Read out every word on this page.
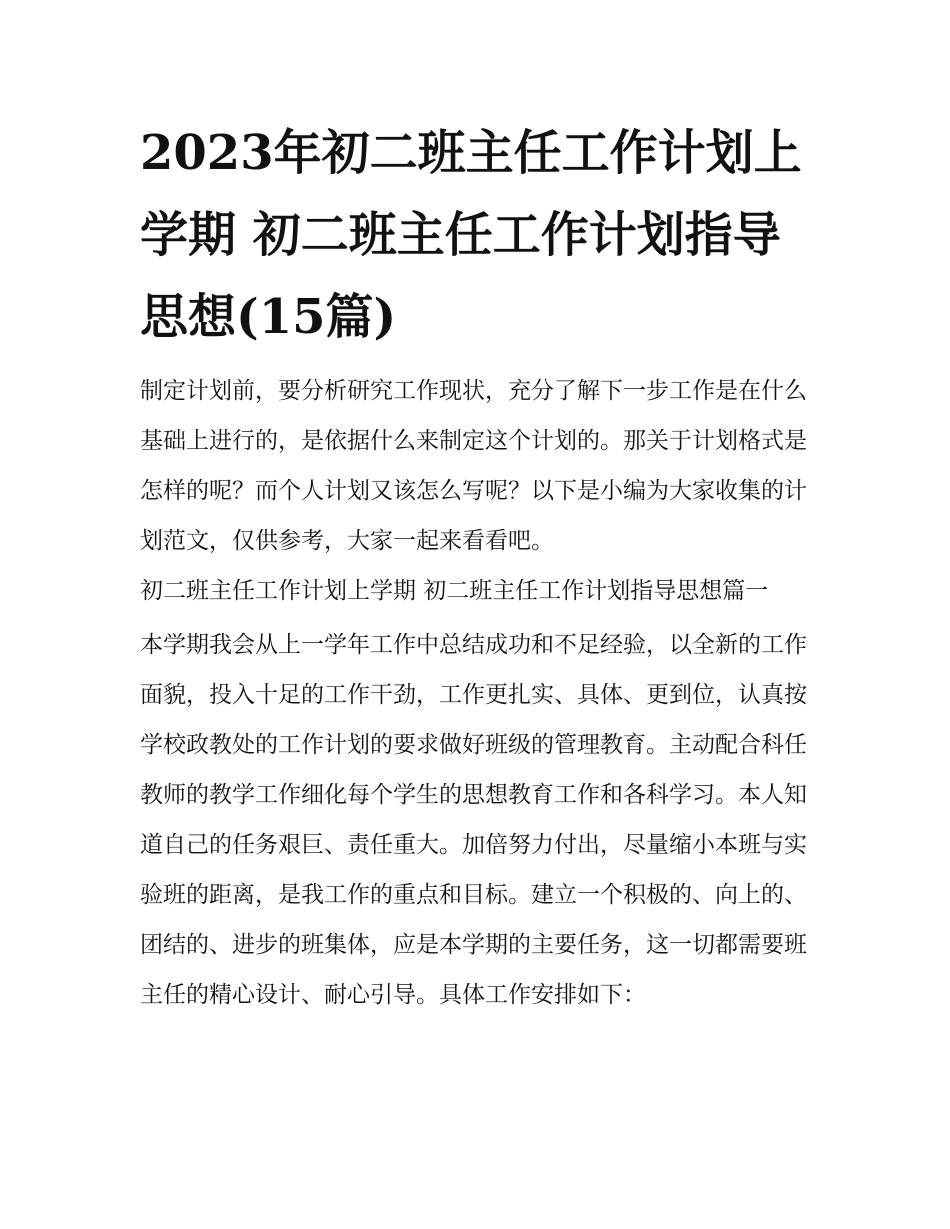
2023年初二班主任工作计划上学期 初二班主任工作计划指导思想(15篇)

制定计划前，要分析研究工作现状，充分了解下一步工作是在什么基础上进行的，是依据什么来制定这个计划的。那关于计划格式是怎样的呢？而个人计划又该怎么写呢？以下是小编为大家收集的计划范文，仅供参考，大家一起来看看吧。

初二班主任工作计划上学期 初二班主任工作计划指导思想篇一

本学期我会从上一学年工作中总结成功和不足经验，以全新的工作面貌，投入十足的工作干劲，工作更扎实、具体、更到位，认真按学校政教处的工作计划的要求做好班级的管理教育。主动配合科任教师的教学工作细化每个学生的思想教育工作和各科学习。本人知道自己的任务艰巨、责任重大。加倍努力付出，尽量缩小本班与实验班的距离，是我工作的重点和目标。建立一个积极的、向上的、团结的、进步的班集体，应是本学期的主要任务，这一切都需要班主任的精心设计、耐心引导。具体工作安排如下：
